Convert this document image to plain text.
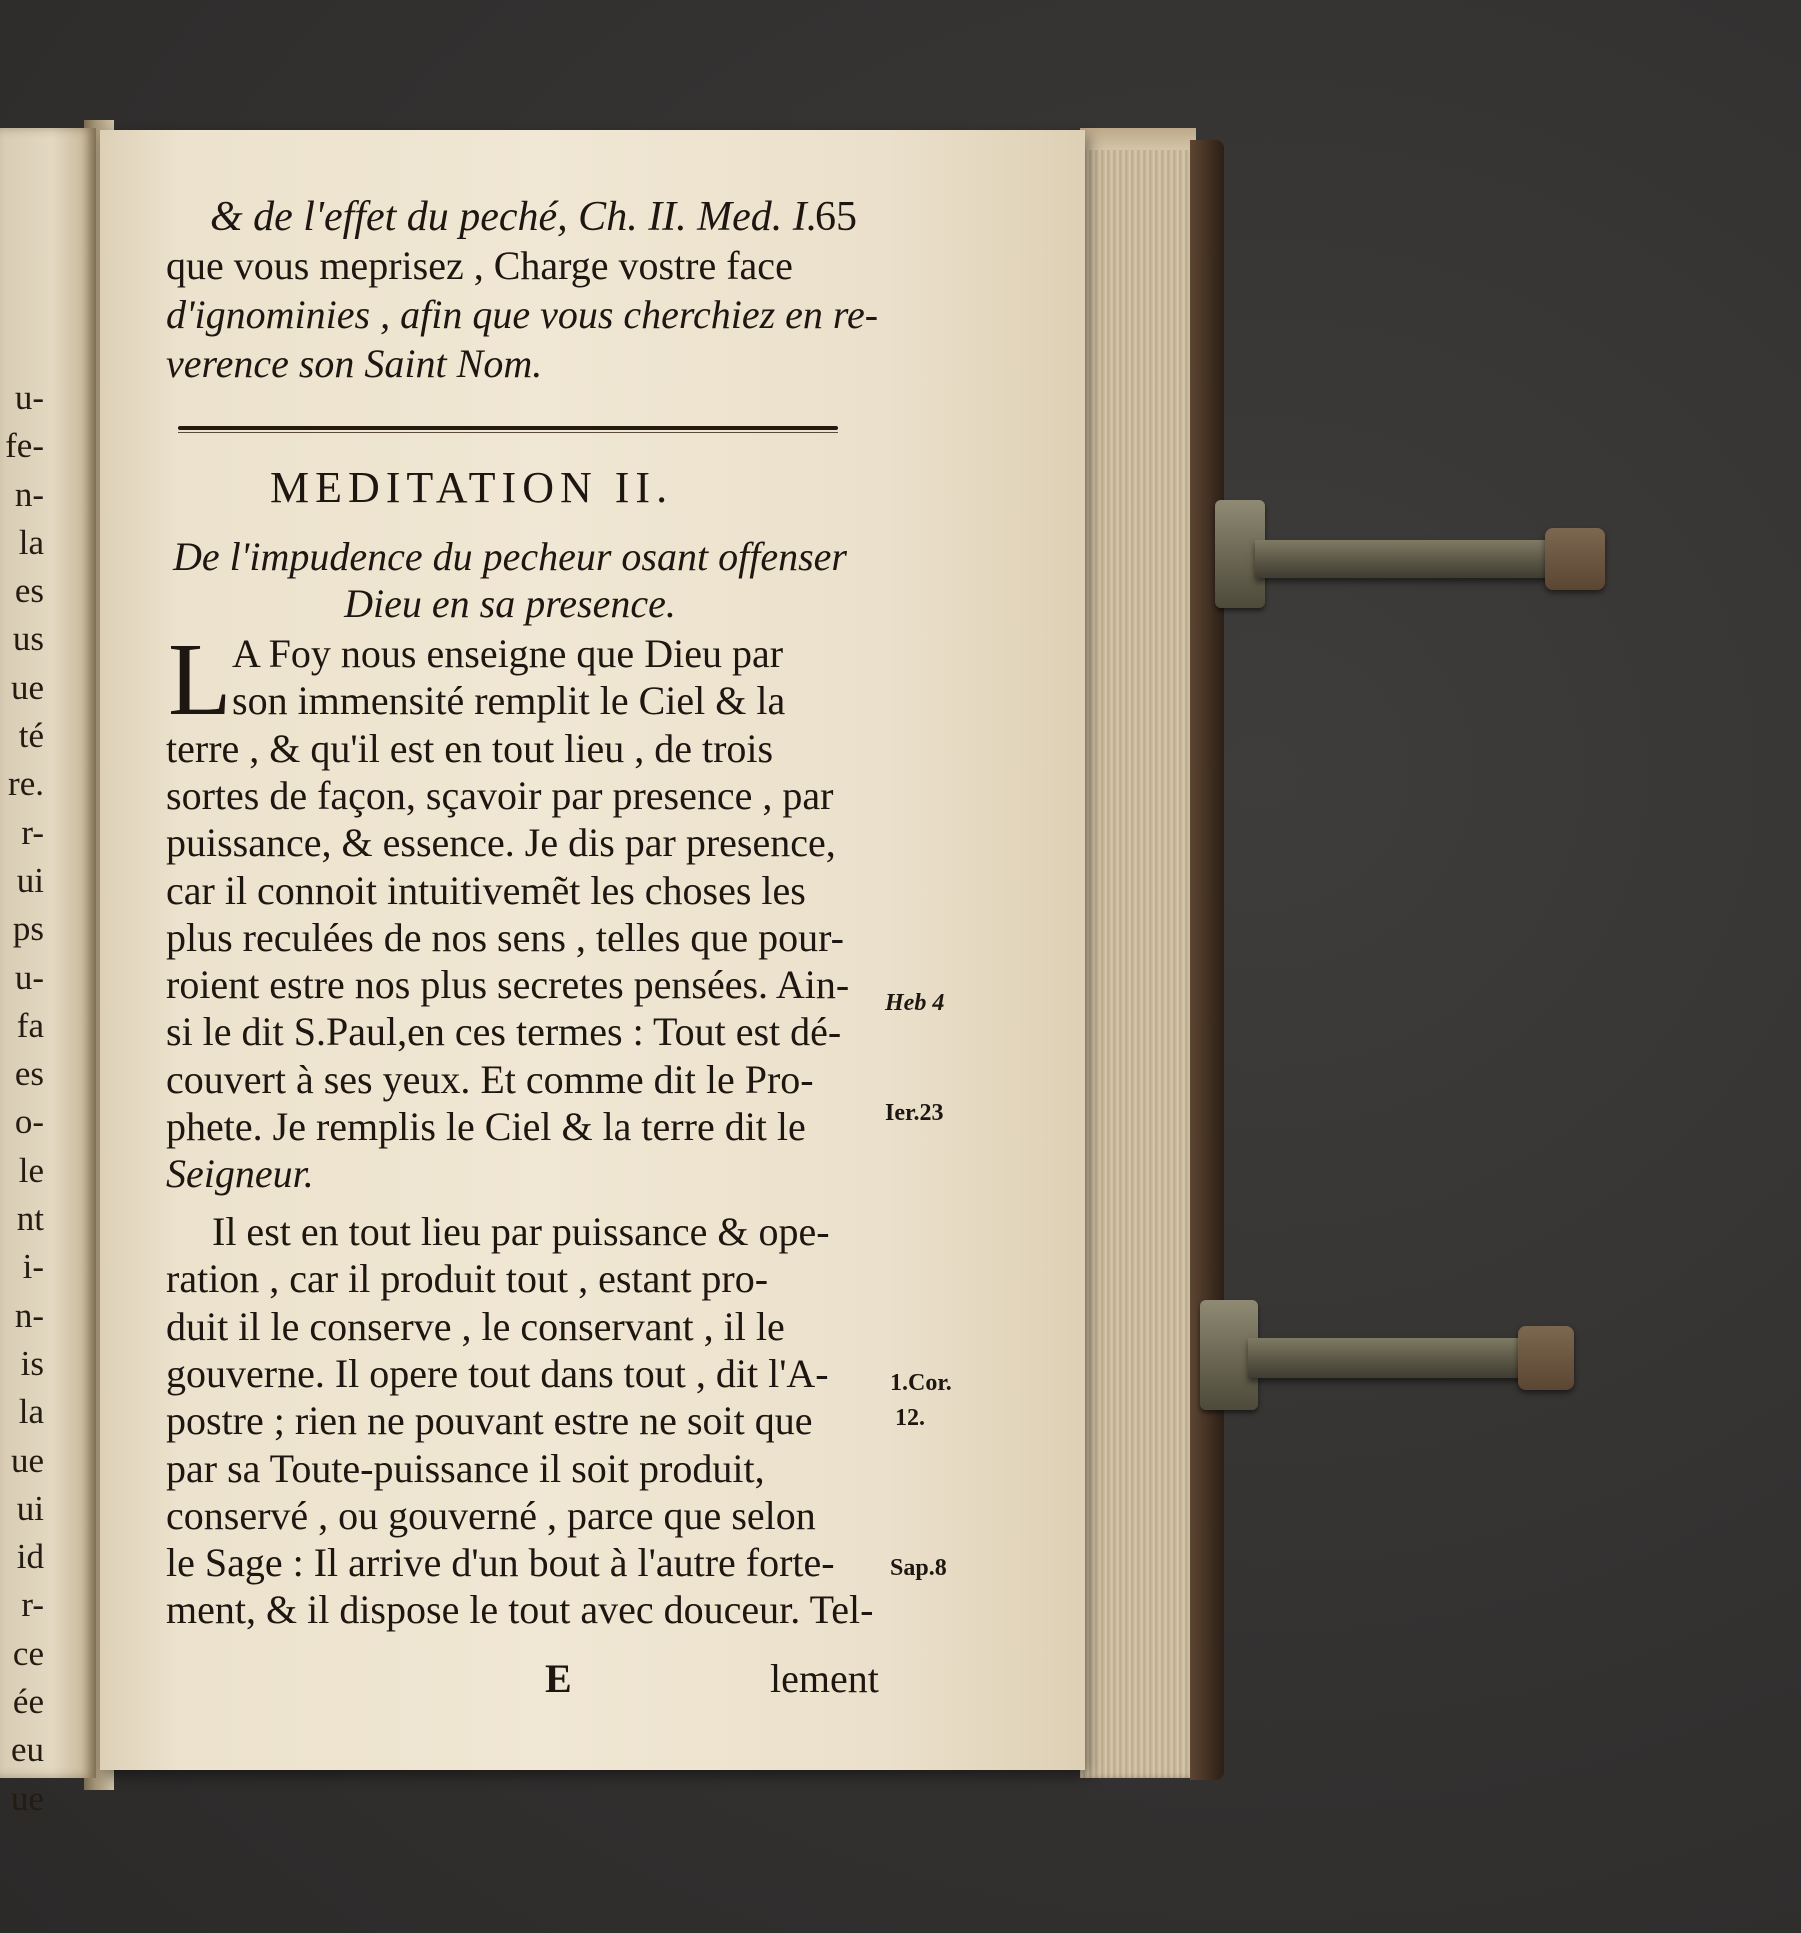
u-
fe-
n-
la
es
us
ue
té
re.
r-
ui
ps
u-
fa
es
o-
le
nt
i-
n-
is
la
ue
ui
id
r-
ce
ée
eu
ue
& de l'effet du peché, Ch. II. Med. I.
65
que vous meprisez , Charge vostre face
d'ignominies , afin que vous cherchiez en re-
verence son Saint Nom.
MEDITATION II.
De l'impudence du pecheur osant offenser
Dieu en sa presence.
L A Foy nous enseigne que Dieu par
son immensité remplit le Ciel & la
terre , & qu'il est en tout lieu , de trois
sortes de façon, sçavoir par presence , par
puissance, & essence. Je dis par presence,
car il connoit intuitivemẽt les choses les
plus reculées de nos sens , telles que pour-
roient estre nos plus secretes pensées. Ain-
si le dit S.Paul,en ces termes : Tout est dé-
couvert à ses yeux. Et comme dit le Pro-
phete. Je remplis le Ciel & la terre dit le
Seigneur.
Il est en tout lieu par puissance & ope-
ration , car il produit tout , estant pro-
duit il le conserve , le conservant , il le
gouverne. Il opere tout dans tout , dit l'A-
postre ; rien ne pouvant estre ne soit que
par sa Toute-puissance il soit produit,
conservé , ou gouverné , parce que selon
le Sage : Il arrive d'un bout à l'autre forte-
ment, & il dispose le tout avec douceur. Tel-
E	lement
Heb 4
Ier.23
1.Cor.
12.
Sap.8
